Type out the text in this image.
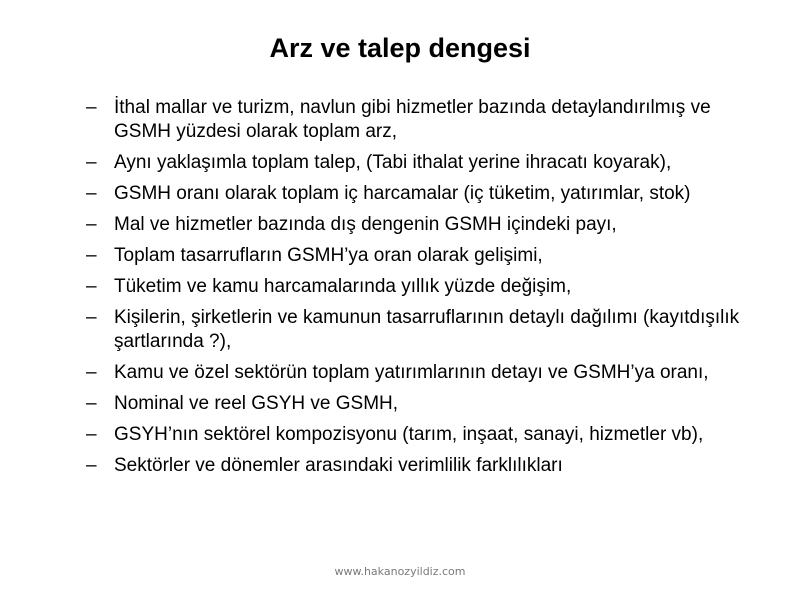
Arz ve talep dengesi
– İthal mallar ve turizm, navlun gibi hizmetler bazında detaylandırılmış ve GSMH yüzdesi olarak toplam arz,
– Aynı yaklaşımla toplam talep, (Tabi ithalat yerine ihracatı koyarak),
– GSMH oranı olarak toplam iç harcamalar (iç tüketim, yatırımlar, stok)
– Mal ve hizmetler bazında dış dengenin GSMH içindeki payı,
– Toplam tasarrufların GSMH’ya oran olarak gelişimi,
– Tüketim ve kamu harcamalarında yıllık yüzde değişim,
– Kişilerin, şirketlerin ve kamunun tasarruflarının detaylı dağılımı (kayıtdışılık şartlarında ?),
– Kamu ve özel sektörün toplam yatırımlarının detayı ve GSMH’ya oranı,
– Nominal ve reel GSYH ve GSMH,
– GSYH’nın sektörel kompozisyonu (tarım, inşaat, sanayi, hizmetler vb),
– Sektörler ve dönemler arasındaki verimlilik farklılıkları
www.hakanozyildiz.com
